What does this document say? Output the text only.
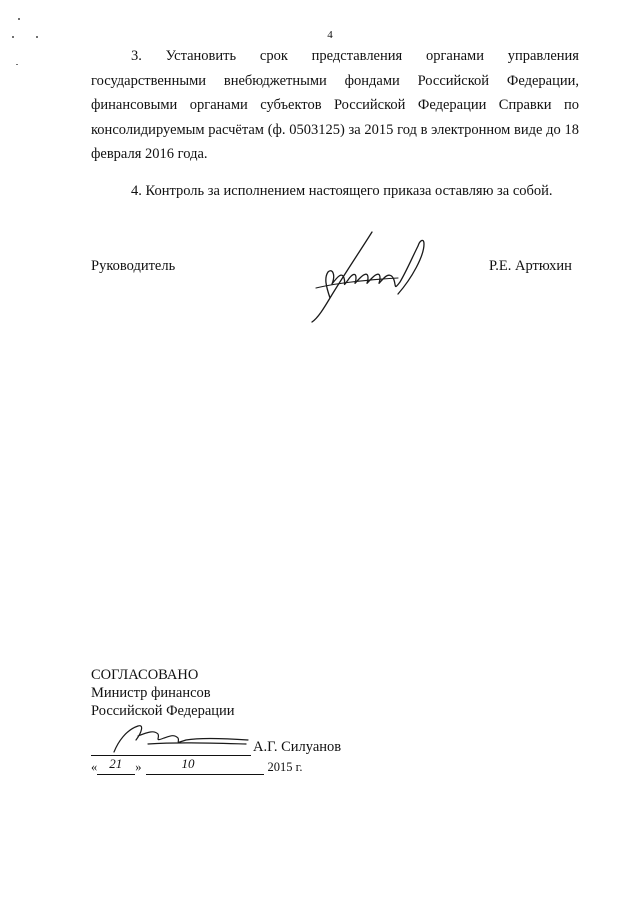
4
3. Установить срок представления органами управления

государственными внебюджетными фондами Российской Федерации, финансовыми органами субъектов Российской Федерации Справки по консолидируемым расчётам (ф. 0503125) за 2015 год в электронном виде до 18 февраля 2016 года.

4. Контроль за исполнением настоящего приказа оставляю за собой.

Руководитель	Р.Е. Артюхин
СОГЛАСОВАНО
Министр финансов
Российской Федерации
А.Г. Силуанов
« 21 »	10	2015 г.
